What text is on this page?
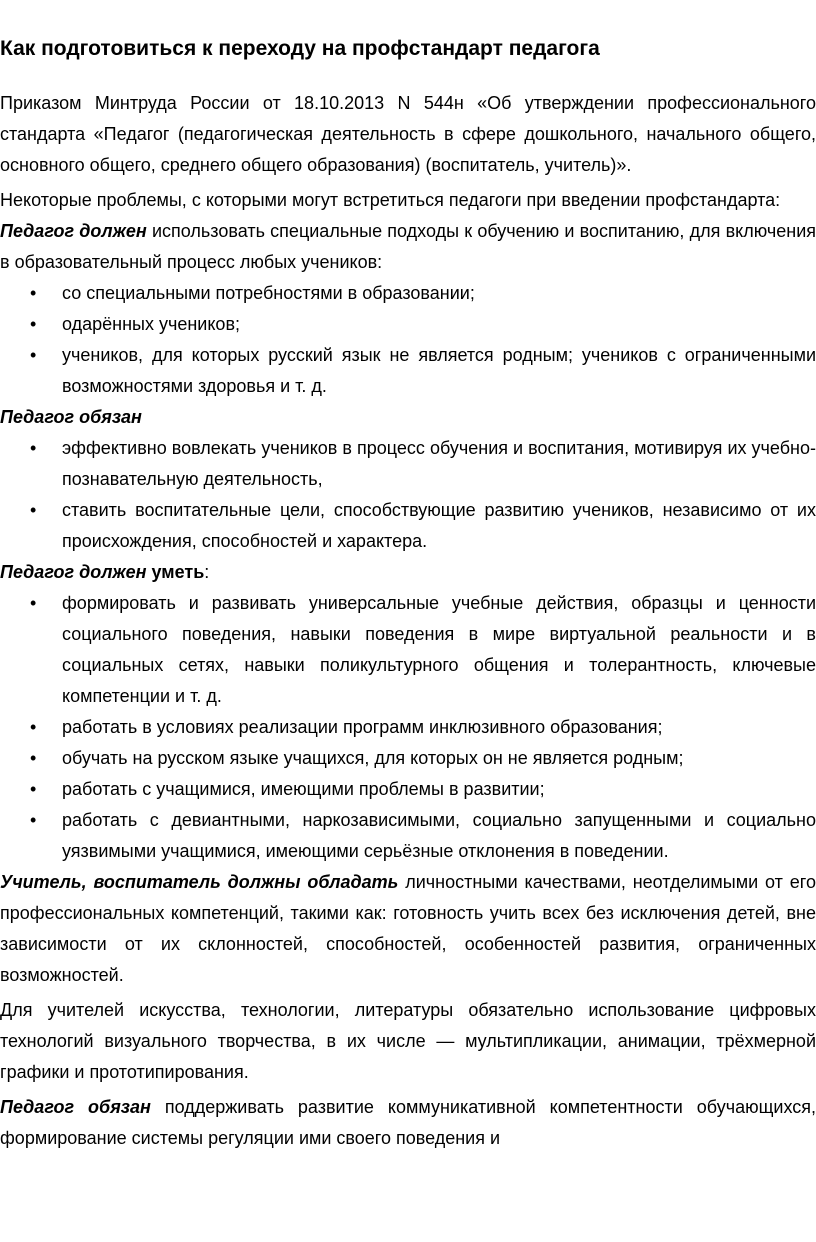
Как подготовиться к переходу на профстандарт педагога

Приказом Минтруда России от 18.10.2013 N 544н «Об утверждении профессионального стандарта «Педагог (педагогическая деятельность в сфере дошкольного, начального общего, основного общего, среднего общего образования) (воспитатель, учитель)».

Некоторые проблемы, с которыми могут встретиться педагоги при введении профстандарта:

Педагог должен использовать специальные подходы к обучению и воспитанию, для включения в образовательный процесс любых учеников:

• со специальными потребностями в образовании;
• одарённых учеников;
• учеников, для которых русский язык не является родным; учеников с ограниченными возможностями здоровья и т. д.

Педагог обязан

• эффективно вовлекать учеников в процесс обучения и воспитания, мотивируя их учебно-познавательную деятельность,
• ставить воспитательные цели, способствующие развитию учеников, независимо от их происхождения, способностей и характера.

Педагог должен уметь:

• формировать и развивать универсальные учебные действия, образцы и ценности социального поведения, навыки поведения в мире виртуальной реальности и в социальных сетях, навыки поликультурного общения и толерантность, ключевые компетенции и т. д.
• работать в условиях реализации программ инклюзивного образования;
• обучать на русском языке учащихся, для которых он не является родным;
• работать с учащимися, имеющими проблемы в развитии;
• работать с девиантными, наркозависимыми, социально запущенными и социально уязвимыми учащимися, имеющими серьёзные отклонения в поведении.

Учитель, воспитатель должны обладать личностными качествами, неотделимыми от его профессиональных компетенций, такими как: готовность учить всех без исключения детей, вне зависимости от их склонностей, способностей, особенностей развития, ограниченных возможностей.

Для учителей искусства, технологии, литературы обязательно использование цифровых технологий визуального творчества, в их числе — мультипликации, анимации, трёхмерной графики и прототипирования.

Педагог обязан поддерживать развитие коммуникативной компетентности обучающихся, формирование системы регуляции ими своего поведения и
